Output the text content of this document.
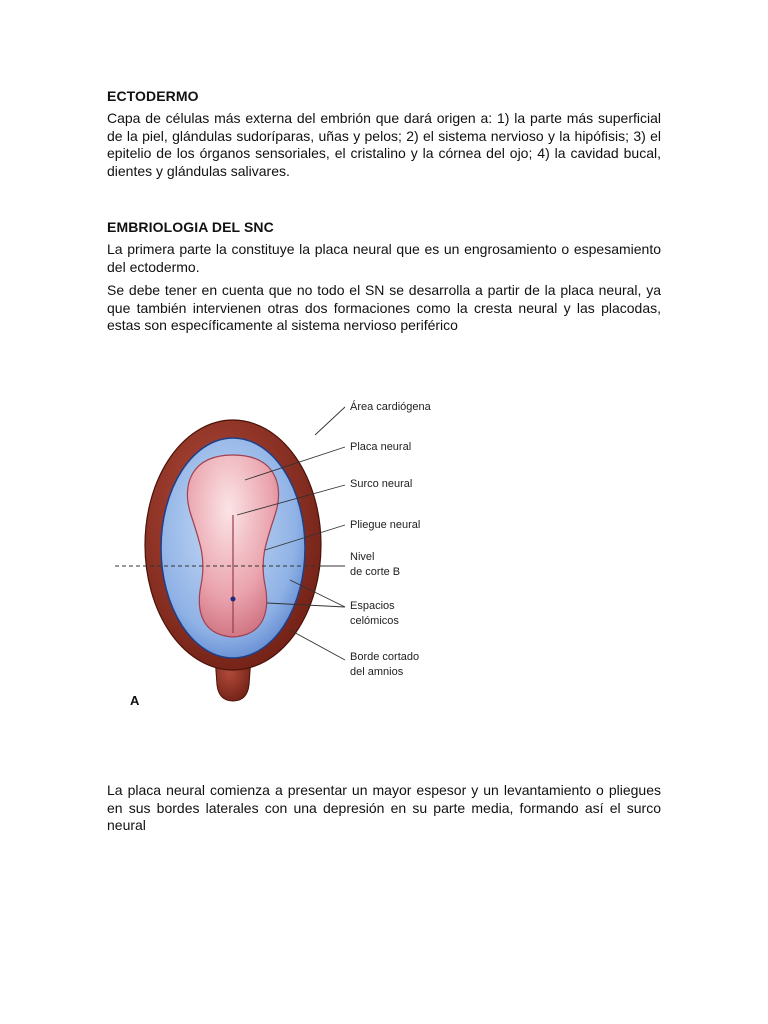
ECTODERMO

Capa de células más externa del embrión que dará origen a: 1) la parte más superficial de la piel, glándulas sudoríparas, uñas y pelos; 2) el sistema nervioso y la hipófisis; 3) el epitelio de los órganos sensoriales, el cristalino y la córnea del ojo; 4) la cavidad bucal, dientes y glándulas salivares.

EMBRIOLOGIA DEL SNC

La primera parte la constituye la placa neural que es un engrosamiento o espesamiento del ectodermo.

Se debe tener en cuenta que no todo el SN se desarrolla a partir de la placa neural, ya que también intervienen otras dos formaciones como la cresta neural y las placodas, estas son específicamente al sistema nervioso periférico

Área cardiógena
Placa neural
Surco neural
Pliegue neural
Nivel
de corte B
Espacios
celómicos
Borde cortado
del amnios
A

La placa neural comienza a presentar un mayor espesor y un levantamiento o pliegues en sus bordes laterales con una depresión en su parte media, formando así el surco neural
